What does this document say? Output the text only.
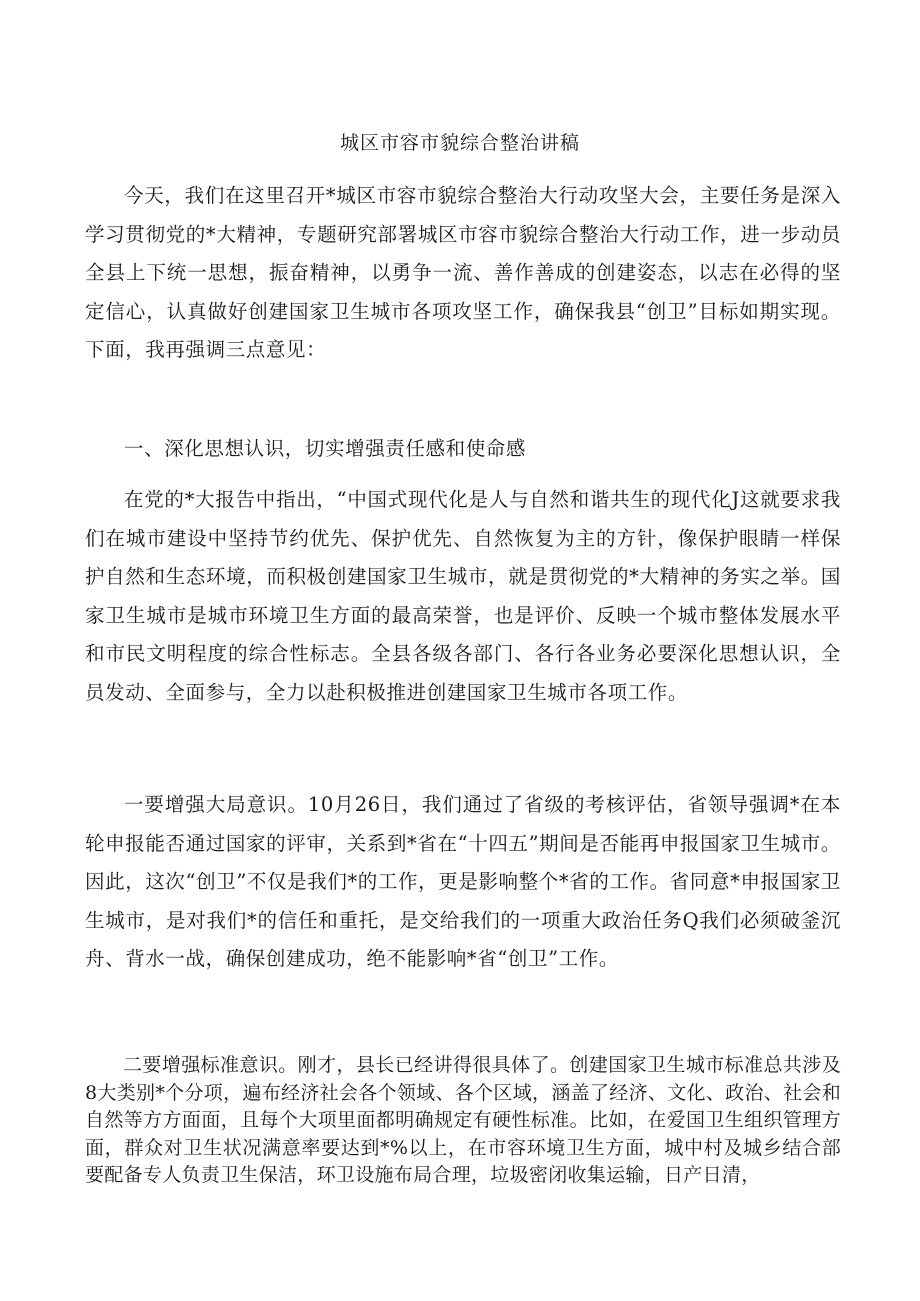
城区市容市貌综合整治讲稿

今天，我们在这里召开*城区市容市貌综合整治大行动攻坚大会，主要任务是深入学习贯彻党的*大精神，专题研究部署城区市容市貌综合整治大行动工作，进一步动员全县上下统一思想，振奋精神，以勇争一流、善作善成的创建姿态，以志在必得的坚定信心，认真做好创建国家卫生城市各项攻坚工作，确保我县“创卫”目标如期实现。下面，我再强调三点意见：

一、深化思想认识，切实增强责任感和使命感

在党的*大报告中指出，“中国式现代化是人与自然和谐共生的现代化J这就要求我们在城市建设中坚持节约优先、保护优先、自然恢复为主的方针，像保护眼睛一样保护自然和生态环境，而积极创建国家卫生城市，就是贯彻党的*大精神的务实之举。国家卫生城市是城市环境卫生方面的最高荣誉，也是评价、反映一个城市整体发展水平和市民文明程度的综合性标志。全县各级各部门、各行各业务必要深化思想认识，全员发动、全面参与，全力以赴积极推进创建国家卫生城市各项工作。

一要增强大局意识。10月26日，我们通过了省级的考核评估，省领导强调*在本轮申报能否通过国家的评审，关系到*省在“十四五”期间是否能再申报国家卫生城市。因此，这次“创卫”不仅是我们*的工作，更是影响整个*省的工作。省同意*申报国家卫生城市，是对我们*的信任和重托，是交给我们的一项重大政治任务Q我们必须破釜沉舟、背水一战，确保创建成功，绝不能影响*省“创卫”工作。

二要增强标准意识。刚才，县长已经讲得很具体了。创建国家卫生城市标准总共涉及8大类别*个分项，遍布经济社会各个领域、各个区域，涵盖了经济、文化、政治、社会和自然等方方面面，且每个大项里面都明确规定有硬性标准。比如，在爱国卫生组织管理方面，群众对卫生状况满意率要达到*%以上，在市容环境卫生方面，城中村及城乡结合部要配备专人负责卫生保洁，环卫设施布局合理，垃圾密闭收集运输，日产日清，
